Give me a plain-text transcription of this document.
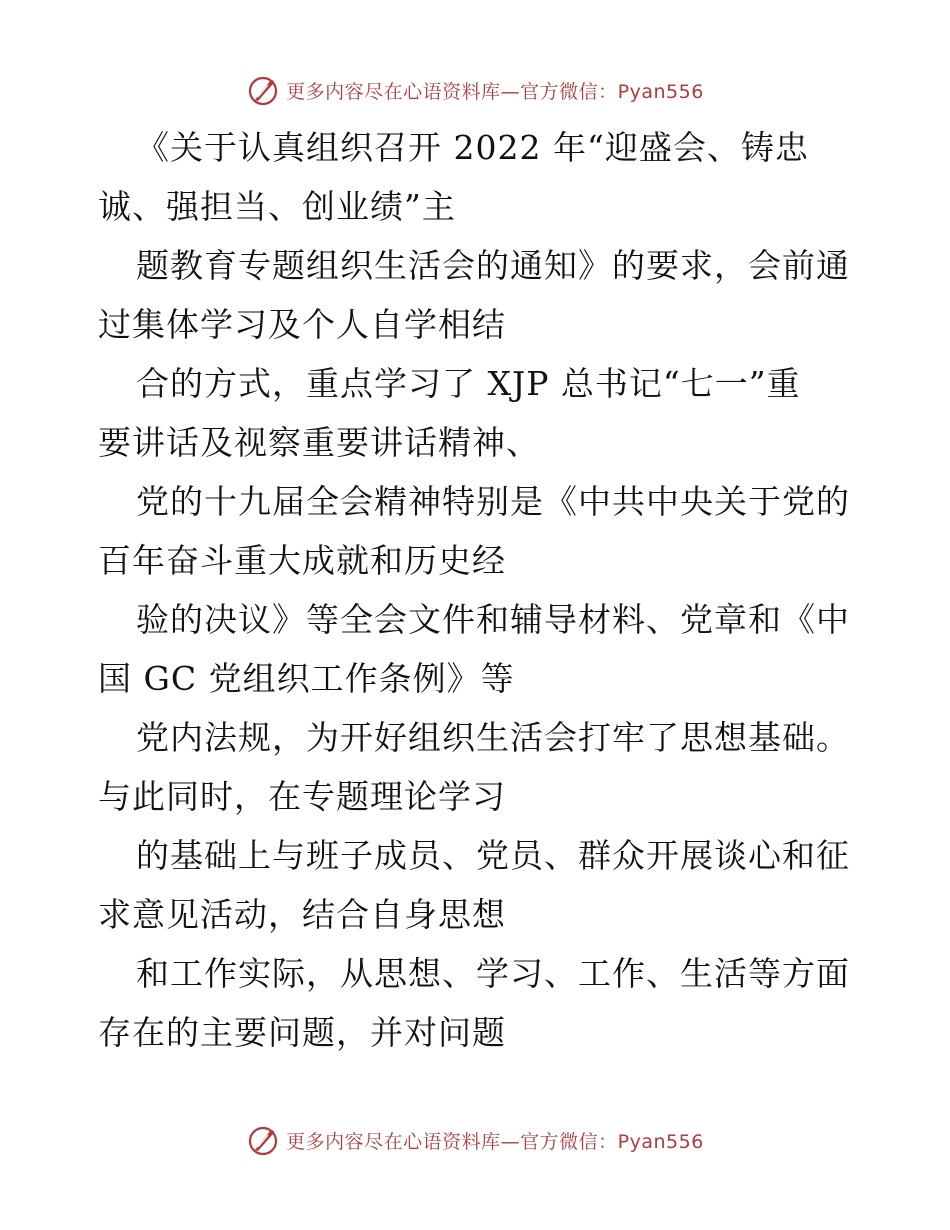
更多内容尽在心语资料库—官方微信：Pyan556

《关于认真组织召开 2022 年“迎盛会、铸忠
诚、强担当、创业绩”主

题教育专题组织生活会的通知》的要求，会前通
过集体学习及个人自学相结

合的方式，重点学习了 XJP 总书记“七一”重
要讲话及视察重要讲话精神、

党的十九届全会精神特别是《中共中央关于党的
百年奋斗重大成就和历史经

验的决议》等全会文件和辅导材料、党章和《中
国 GC 党组织工作条例》等

党内法规，为开好组织生活会打牢了思想基础。
与此同时，在专题理论学习

的基础上与班子成员、党员、群众开展谈心和征
求意见活动，结合自身思想

和工作实际，从思想、学习、工作、生活等方面
存在的主要问题，并对问题

更多内容尽在心语资料库—官方微信：Pyan556
